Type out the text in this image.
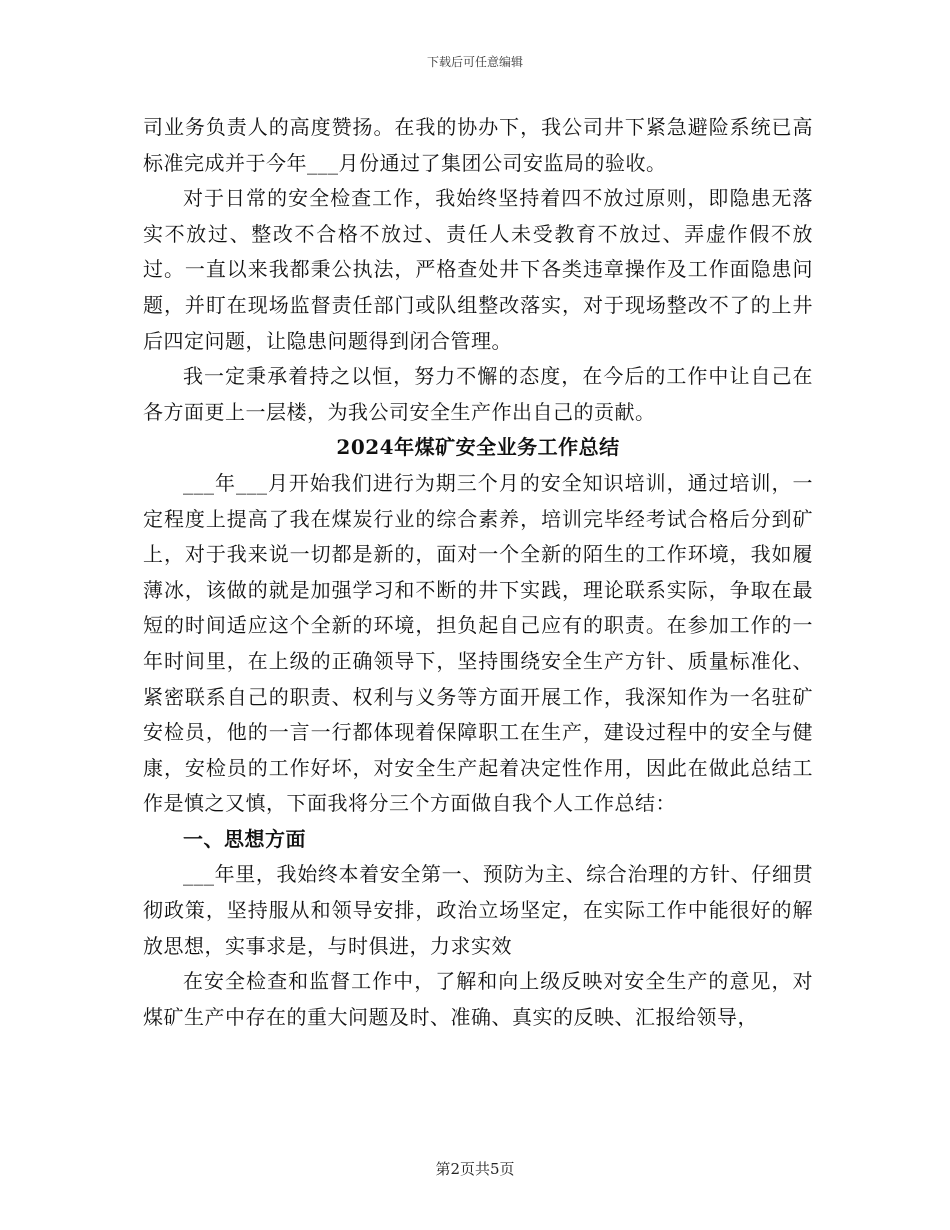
下载后可任意编辑

司业务负责人的高度赞扬。在我的协办下，我公司井下紧急避险系统已高标准完成并于今年___月份通过了集团公司安监局的验收。

对于日常的安全检查工作，我始终坚持着四不放过原则，即隐患无落实不放过、整改不合格不放过、责任人未受教育不放过、弄虚作假不放过。一直以来我都秉公执法，严格查处井下各类违章操作及工作面隐患问题，并盯在现场监督责任部门或队组整改落实，对于现场整改不了的上井后四定问题，让隐患问题得到闭合管理。

我一定秉承着持之以恒，努力不懈的态度，在今后的工作中让自己在各方面更上一层楼，为我公司安全生产作出自己的贡献。

2024年煤矿安全业务工作总结

___年___月开始我们进行为期三个月的安全知识培训，通过培训，一定程度上提高了我在煤炭行业的综合素养，培训完毕经考试合格后分到矿上，对于我来说一切都是新的，面对一个全新的陌生的工作环境，我如履薄冰，该做的就是加强学习和不断的井下实践，理论联系实际，争取在最短的时间适应这个全新的环境，担负起自己应有的职责。在参加工作的一年时间里，在上级的正确领导下，坚持围绕安全生产方针、质量标准化、紧密联系自己的职责、权利与义务等方面开展工作，我深知作为一名驻矿安检员，他的一言一行都体现着保障职工在生产，建设过程中的安全与健康，安检员的工作好坏，对安全生产起着决定性作用，因此在做此总结工作是慎之又慎，下面我将分三个方面做自我个人工作总结：

一、思想方面

___年里，我始终本着安全第一、预防为主、综合治理的方针、仔细贯彻政策，坚持服从和领导安排，政治立场坚定，在实际工作中能很好的解放思想，实事求是，与时俱进，力求实效

在安全检查和监督工作中，了解和向上级反映对安全生产的意见，对煤矿生产中存在的重大问题及时、准确、真实的反映、汇报给领导，

第2页共5页
